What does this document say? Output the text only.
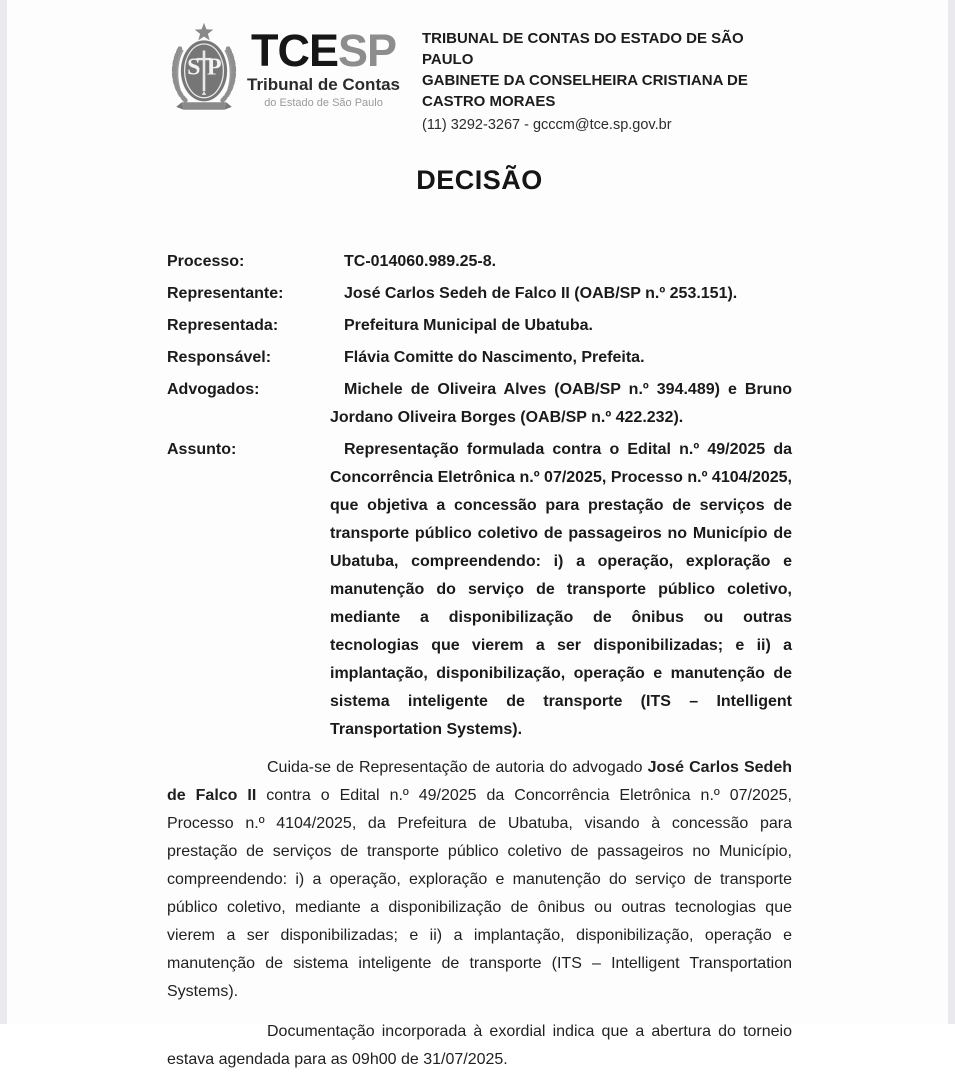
S P TCESP
Tribunal de Contas
do Estado de São Paulo
TRIBUNAL DE CONTAS DO ESTADO DE SÃO PAULO
GABINETE DA CONSELHEIRA CRISTIANA DE CASTRO MORAES
(11) 3292-3267 - gcccm@tce.sp.gov.br
DECISÃO
Processo:	TC-014060.989.25-8.
Representante:	José Carlos Sedeh de Falco II (OAB/SP n.º 253.151).
Representada:	Prefeitura Municipal de Ubatuba.
Responsável:	Flávia Comitte do Nascimento, Prefeita.
Advogados:	Michele de Oliveira Alves (OAB/SP n.º 394.489) e Bruno Jordano Oliveira Borges (OAB/SP n.º 422.232).
Assunto:	Representação formulada contra o Edital n.º 49/2025 da Concorrência Eletrônica n.º 07/2025, Processo n.º 4104/2025, que objetiva a concessão para prestação de serviços de transporte público coletivo de passageiros no Município de Ubatuba, compreendendo: i) a operação, exploração e manutenção do serviço de transporte público coletivo, mediante a disponibilização de ônibus ou outras tecnologias que vierem a ser disponibilizadas; e ii) a implantação, disponibilização, operação e manutenção de sistema inteligente de transporte (ITS – Intelligent Transportation Systems).

Cuida-se de Representação de autoria do advogado José Carlos Sedeh de Falco II contra o Edital n.º 49/2025 da Concorrência Eletrônica n.º 07/2025, Processo n.º 4104/2025, da Prefeitura de Ubatuba, visando à concessão para prestação de serviços de transporte público coletivo de passageiros no Município, compreendendo: i) a operação, exploração e manutenção do serviço de transporte público coletivo, mediante a disponibilização de ônibus ou outras tecnologias que vierem a ser disponibilizadas; e ii) a implantação, disponibilização, operação e manutenção de sistema inteligente de transporte (ITS – Intelligent Transportation Systems).

Documentação incorporada à exordial indica que a abertura do torneio estava agendada para as 09h00 de 31/07/2025.
